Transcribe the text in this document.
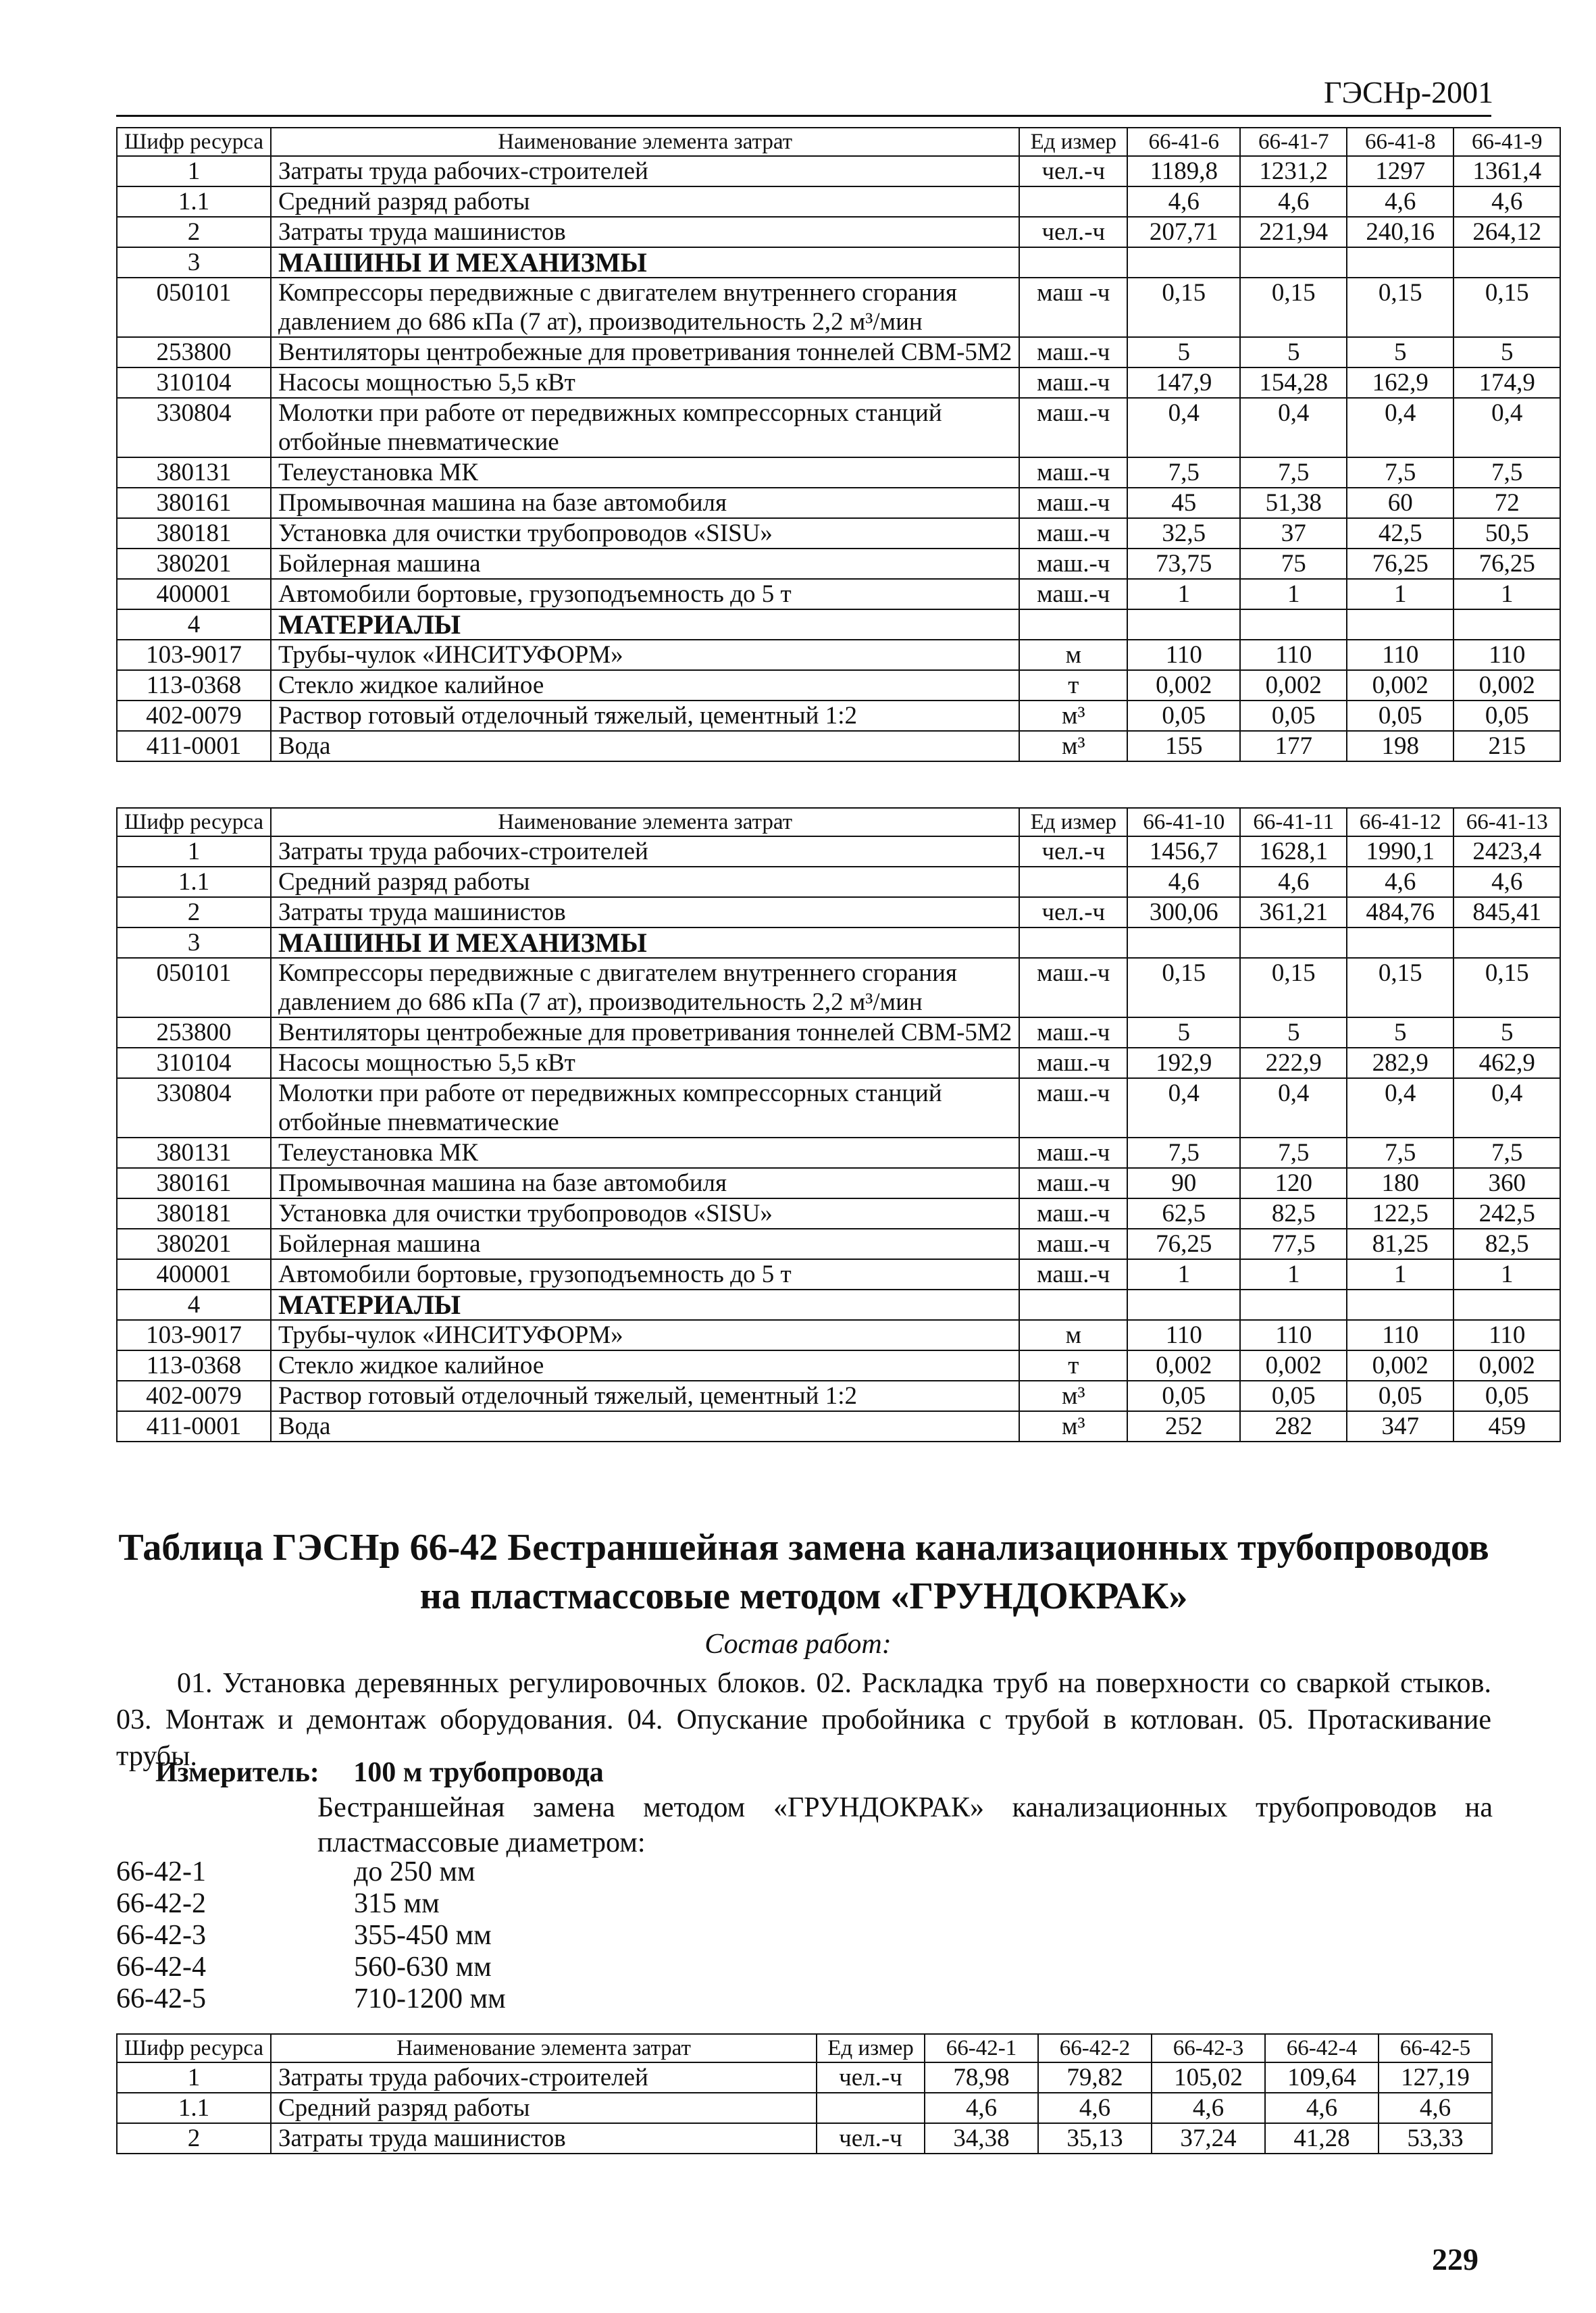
ГЭСНр-2001
Шифр ресурса	Наименование элемента затрат	Ед измер	66-41-6	66-41-7	66-41-8	66-41-9
1	Затраты труда рабочих-строителей	чел.-ч	1189,8	1231,2	1297	1361,4
1.1	Средний разряд работы		4,6	4,6	4,6	4,6
2	Затраты труда машинистов	чел.-ч	207,71	221,94	240,16	264,12
3	МАШИНЫ И МЕХАНИЗМЫ					
050101	Компрессоры передвижные с двигателем внутреннего сгорания давлением до 686 кПа (7 ат), производительность 2,2 м³/мин	маш -ч	0,15	0,15	0,15	0,15
253800	Вентиляторы центробежные для проветривания тоннелей СВМ-5М2	маш.-ч	5	5	5	5
310104	Насосы мощностью 5,5 кВт	маш.-ч	147,9	154,28	162,9	174,9
330804	Молотки при работе от передвижных компрессорных станций отбойные пневматические	маш.-ч	0,4	0,4	0,4	0,4
380131	Телеустановка МК	маш.-ч	7,5	7,5	7,5	7,5
380161	Промывочная машина на базе автомобиля	маш.-ч	45	51,38	60	72
380181	Установка для очистки трубопроводов «SISU»	маш.-ч	32,5	37	42,5	50,5
380201	Бойлерная машина	маш.-ч	73,75	75	76,25	76,25
400001	Автомобили бортовые, грузоподъемность до 5 т	маш.-ч	1	1	1	1
4	МАТЕРИАЛЫ					
103-9017	Трубы-чулок «ИНСИТУФОРМ»	м	110	110	110	110
113-0368	Стекло жидкое калийное	т	0,002	0,002	0,002	0,002
402-0079	Раствор готовый отделочный тяжелый, цементный 1:2	м³	0,05	0,05	0,05	0,05
411-0001	Вода	м³	155	177	198	215
Шифр ресурса	Наименование элемента затрат	Ед измер	66-41-10	66-41-11	66-41-12	66-41-13
1	Затраты труда рабочих-строителей	чел.-ч	1456,7	1628,1	1990,1	2423,4
1.1	Средний разряд работы		4,6	4,6	4,6	4,6
2	Затраты труда машинистов	чел.-ч	300,06	361,21	484,76	845,41
3	МАШИНЫ И МЕХАНИЗМЫ					
050101	Компрессоры передвижные с двигателем внутреннего сгорания давлением до 686 кПа (7 ат), производительность 2,2 м³/мин	маш.-ч	0,15	0,15	0,15	0,15
253800	Вентиляторы центробежные для проветривания тоннелей СВМ-5М2	маш.-ч	5	5	5	5
310104	Насосы мощностью 5,5 кВт	маш.-ч	192,9	222,9	282,9	462,9
330804	Молотки при работе от передвижных компрессорных станций отбойные пневматические	маш.-ч	0,4	0,4	0,4	0,4
380131	Телеустановка МК	маш.-ч	7,5	7,5	7,5	7,5
380161	Промывочная машина на базе автомобиля	маш.-ч	90	120	180	360
380181	Установка для очистки трубопроводов «SISU»	маш.-ч	62,5	82,5	122,5	242,5
380201	Бойлерная машина	маш.-ч	76,25	77,5	81,25	82,5
400001	Автомобили бортовые, грузоподъемность до 5 т	маш.-ч	1	1	1	1
4	МАТЕРИАЛЫ					
103-9017	Трубы-чулок «ИНСИТУФОРМ»	м	110	110	110	110
113-0368	Стекло жидкое калийное	т	0,002	0,002	0,002	0,002
402-0079	Раствор готовый отделочный тяжелый, цементный 1:2	м³	0,05	0,05	0,05	0,05
411-0001	Вода	м³	252	282	347	459
Таблица ГЭСНр 66-42 Бестраншейная замена канализационных трубопроводов на пластмассовые методом «ГРУНДОКРАК»
Состав работ:
01. Установка деревянных регулировочных блоков. 02. Раскладка труб на поверхности со сваркой стыков. 03. Монтаж и демонтаж оборудования. 04. Опускание пробойника с трубой в котлован. 05. Протаскивание трубы.
Измеритель: 100 м трубопровода
Бестраншейная замена методом «ГРУНДОКРАК» канализационных трубопроводов на пластмассовые диаметром:
66-42-1	до 250 мм
66-42-2	315 мм
66-42-3	355-450 мм
66-42-4	560-630 мм
66-42-5	710-1200 мм
Шифр ресурса	Наименование элемента затрат	Ед измер	66-42-1	66-42-2	66-42-3	66-42-4	66-42-5
1	Затраты труда рабочих-строителей	чел.-ч	78,98	79,82	105,02	109,64	127,19
1.1	Средний разряд работы		4,6	4,6	4,6	4,6	4,6
2	Затраты труда машинистов	чел.-ч	34,38	35,13	37,24	41,28	53,33
229
